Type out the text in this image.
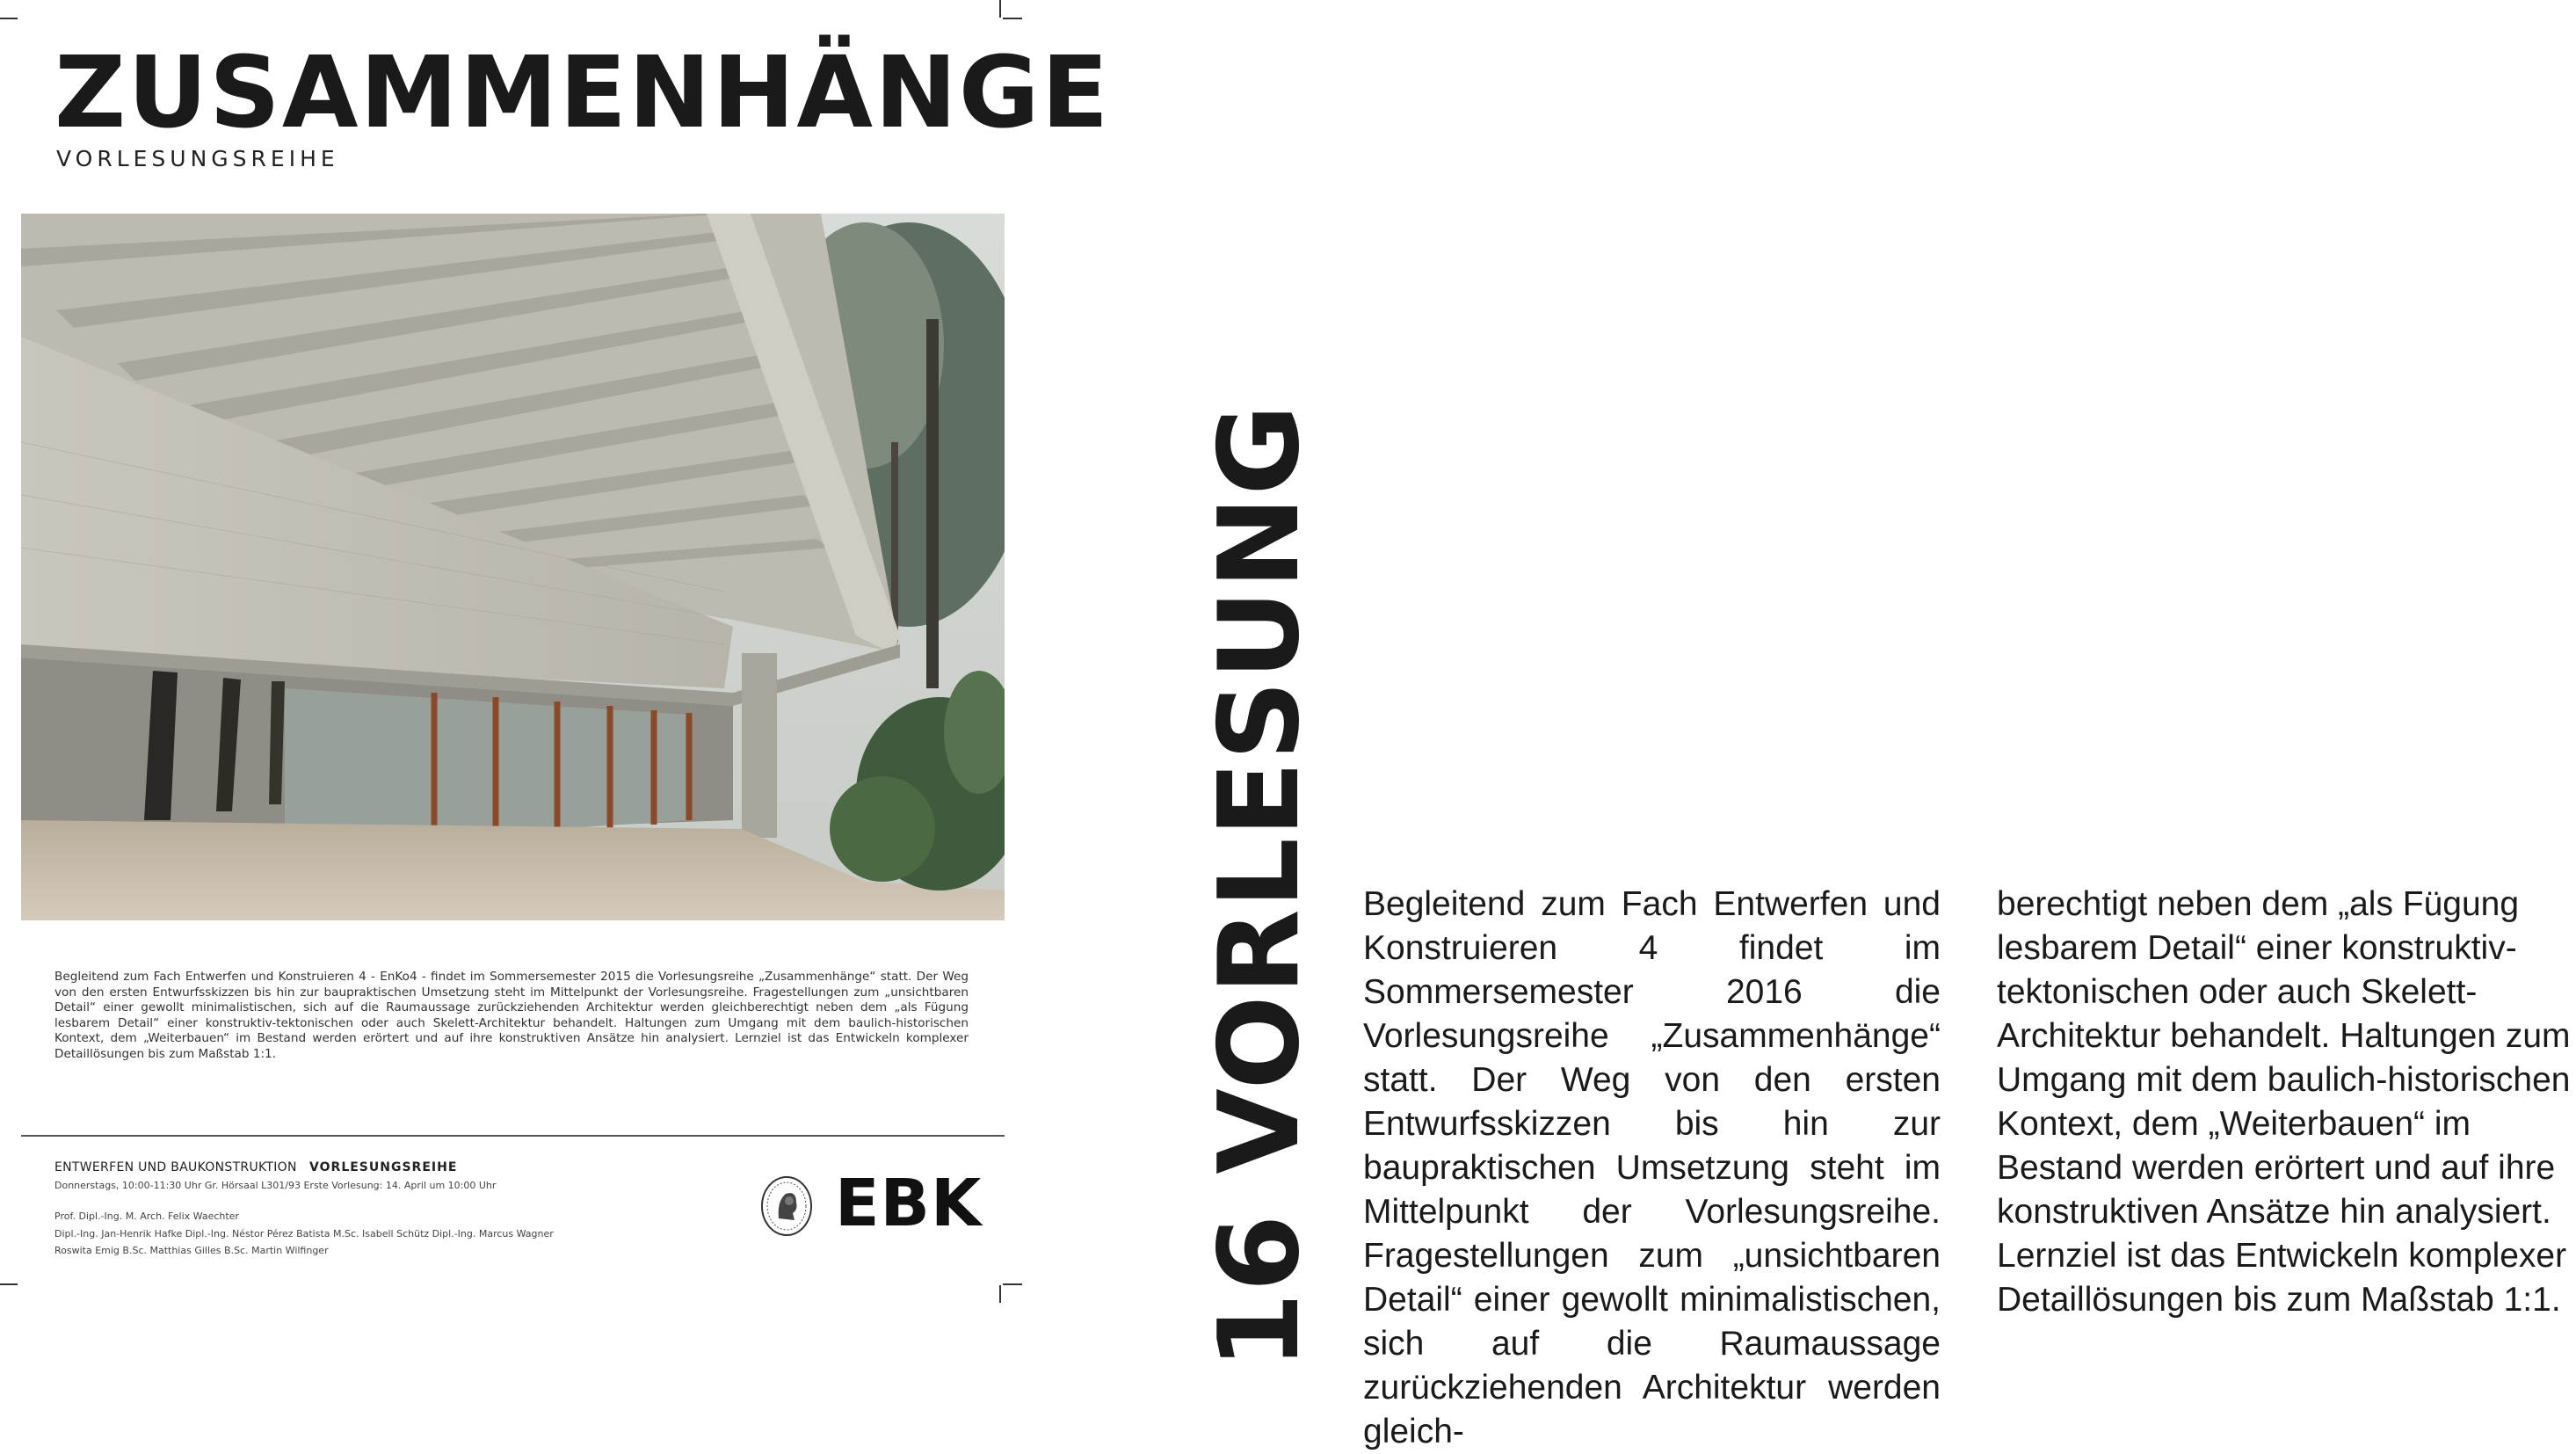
ZUSAMMENHÄNGE
VORLESUNGSREIHE

Begleitend zum Fach Entwerfen und Konstruieren 4 - EnKo4 - findet im Sommersemester 2015 die Vorlesungsreihe „Zusammenhänge“ statt. Der Weg von den ersten Entwurfsskizzen bis hin zur baupraktischen Umsetzung steht im Mittelpunkt der Vorlesungsreihe. Fragestellungen zum „unsichtbaren Detail“ einer gewollt minimalistischen, sich auf die Raumaussage zurückziehenden Architektur werden gleichberechtigt neben dem „als Fügung lesbarem Detail“ einer konstruktiv-tektonischen oder auch Skelett-Architektur behandelt. Haltungen zum Umgang mit dem baulich-historischen Kontext, dem „Weiterbauen“ im Bestand werden erörtert und auf ihre konstruktiven Ansätze hin analysiert. Lernziel ist das Entwickeln komplexer Detaillösungen bis zum Maßstab 1:1.

ENTWERFEN UND BAUKONSTRUKTION VORLESUNGSREIHE
Donnerstags, 10:00-11:30 Uhr Gr. Hörsaal L301/93 Erste Vorlesung: 14. April um 10:00 Uhr
Prof. Dipl.-Ing. M. Arch. Felix Waechter
Dipl.-Ing. Jan-Henrik Hafke Dipl.-Ing. Néstor Pérez Batista M.Sc. Isabell Schütz Dipl.-Ing. Marcus Wagner
Roswita Emig B.Sc. Matthias Gilles B.Sc. Martin Wilfinger
EBK 16 VORLESUNG Begleitend zum Fach Entwerfen und Konstruieren 4 findet im Sommersemester 2016 die Vorlesungsreihe „Zusammenhänge“ statt. Der Weg von den ersten Entwurfsskizzen bis hin zur baupraktischen Umsetzung steht im Mittelpunkt der Vorlesungsreihe. Fragestellungen zum „unsichtbaren Detail“ einer gewollt minimalistischen, sich auf die Raumaussage zurückziehenden Architektur werden gleich-

berechtigt neben dem „als Fügung lesbarem Detail“ einer konstruktiv-tektonischen oder auch Skelett-Architektur behandelt. Haltungen zum Umgang mit dem baulich-historischen Kontext, dem „Weiterbauen“ im Bestand werden erörtert und auf ihre konstruktiven Ansätze hin analysiert. Lernziel ist das Entwickeln komplexer Detaillösungen bis zum Maßstab 1:1.
